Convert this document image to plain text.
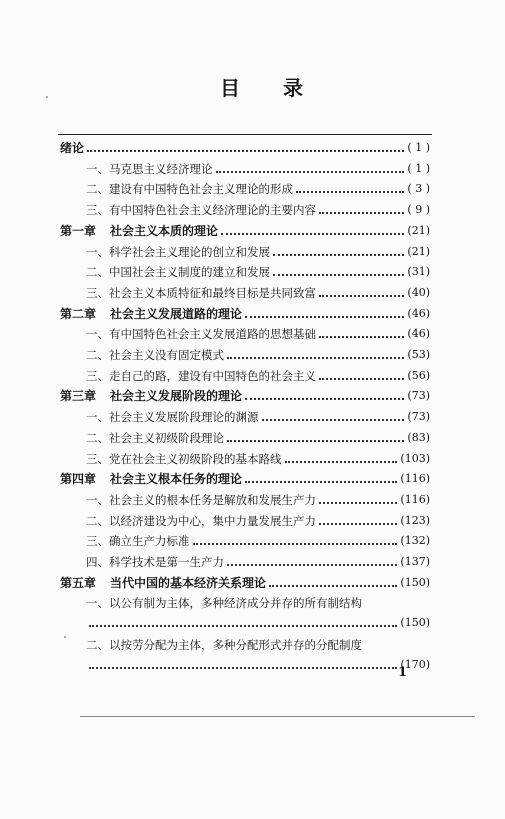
目 录
绪论	( 1 )
一、马克思主义经济理论	( 1 )
二、建设有中国特色社会主义理论的形成	( 3 )
三、有中国特色社会主义经济理论的主要内容	( 9 )
第一章 社会主义本质的理论	(21)
一、科学社会主义理论的创立和发展	(21)
二、中国社会主义制度的建立和发展	(31)
三、社会主义本质特征和最终目标是共同致富	(40)
第二章 社会主义发展道路的理论	(46)
一、有中国特色社会主义发展道路的思想基础	(46)
二、社会主义没有固定模式	(53)
三、走自己的路，建设有中国特色的社会主义	(56)
第三章 社会主义发展阶段的理论	(73)
一、社会主义发展阶段理论的渊源	(73)
二、社会主义初级阶段理论	(83)
三、党在社会主义初级阶段的基本路线	(103)
第四章 社会主义根本任务的理论	(116)
一、社会主义的根本任务是解放和发展生产力	(116)
二、以经济建设为中心，集中力量发展生产力	(123)
三、确立生产力标准	(132)
四、科学技术是第一生产力	(137)
第五章 当代中国的基本经济关系理论	(150)
一、以公有制为主体，多种经济成分并存的所有制结构
(150)
二、以按劳分配为主体，多种分配形式并存的分配制度
(170)
1
